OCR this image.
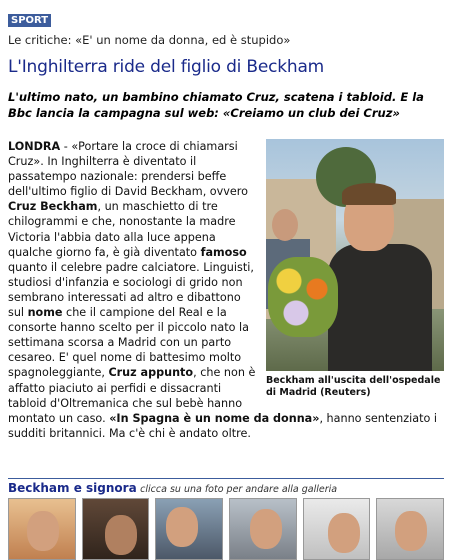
SPORT
Le critiche: «E' un nome da donna, ed è stupido»
L'Inghilterra ride del figlio di Beckham
L'ultimo nato, un bambino chiamato Cruz, scatena i tabloid. E la Bbc lancia la campagna sul web: «Creiamo un club dei Cruz»
Beckham all'uscita dell'ospedale di Madrid (Reuters)

LONDRA - «Portare la croce di chiamarsi Cruz». In Inghilterra è diventato il passatempo nazionale: prendersi beffe dell'ultimo figlio di David Beckham, ovvero Cruz Beckham, un maschietto di tre chilogrammi e che, nonostante la madre Victoria l'abbia dato alla luce appena qualche giorno fa, è già diventato famoso quanto il celebre padre calciatore. Linguisti, studiosi d'infanzia e sociologi di grido non sembrano interessati ad altro e dibattono sul nome che il campione del Real e la consorte hanno scelto per il piccolo nato la settimana scorsa a Madrid con un parto cesareo. E' quel nome di battesimo molto spagnoleggiante, Cruz appunto, che non è affatto piaciuto ai perfidi e dissacranti tabloid d'Oltremanica che sul bebè hanno montato un caso. «In Spagna è un nome da donna», hanno sentenziato i sudditi britannici. Ma c'è chi è andato oltre.

Beckham e signora clicca su una foto per andare alla galleria
